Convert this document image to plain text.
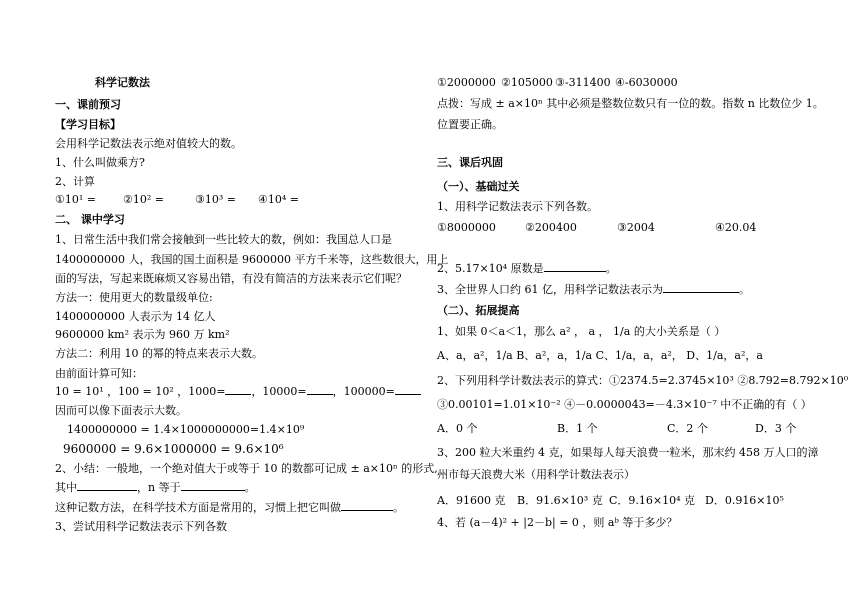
科学记数法
一、课前预习
【学习目标】
会用科学记数法表示绝对值较大的数。
1、什么叫做乘方?
2、计算
①10¹ = ②10² =	③10³ = ④10⁴ =
二、 课中学习
1、日常生活中我们常会接触到一些比较大的数，例如：我国总人口是
1400000000 人，我国的国土面积是 9600000 平方千米等，这些数很大，用上
面的写法，写起来既麻烦又容易出错，有没有简洁的方法来表示它们呢？
方法一：使用更大的数量级单位:
1400000000 人表示为 14 亿人
9600000 km² 表示为 960 万 km²
方法二：利用 10 的幂的特点来表示大数。
由前面计算可知：
10 = 10¹ ，100 = 10² ，1000= ，10000= ，100000=
因而可以像下面表示大数。
1400000000 = 1.4×1000000000=1.4×10⁹
9600000 = 9.6×1000000 = 9.6×10⁶
2、小结：一般地，一个绝对值大于或等于 10 的数都可记成 ± a×10ⁿ 的形式,
其中	，n 等于	。
这种记数方法，在科学技术方面是常用的，习惯上把它叫做	。
3、尝试用科学记数法表示下列各数
①2000000 ②105000 ③-311400 ④-6030000
点拨：写成 ± a×10ⁿ 其中必须是整数位数只有一位的数。指数 n 比数位少 1。
位置要正确。
三、课后巩固
（一）、基础过关
1、用科学记数法表示下列各数。
①8000000	②200400	③2004	④20.04
2、5.17×10⁴ 原数是	。
3、全世界人口约 61 亿，用科学记数法表示为	。
（二）、拓展提高
1、如果 0＜a＜1，那么 a² ， a ， 1/a 的大小关系是（ ）
A、a，a²，1/a B、a²，a，1/a C、1/a，a，a²， D、1/a，a²，a
2、下列用科学计数法表示的算式：①2374.5=2.3745×10³ ②8.792=8.792×10⁰
③0.00101=1.01×10⁻² ④－0.0000043=－4.3×10⁻⁷ 中不正确的有（ ）
A．0 个	B．1 个	C．2 个	D．3 个
3、200 粒大米重约 4 克，如果每人每天浪费一粒米，那末约 458 万人口的漳
州市每天浪费大米（用科学计数法表示）
A．91600 克 B．91.6×10³ 克 C．9.16×10⁴ 克 D．0.916×10⁵
4、若 (a－4)² + |2－b| = 0 ，则 aᵇ 等于多少？
